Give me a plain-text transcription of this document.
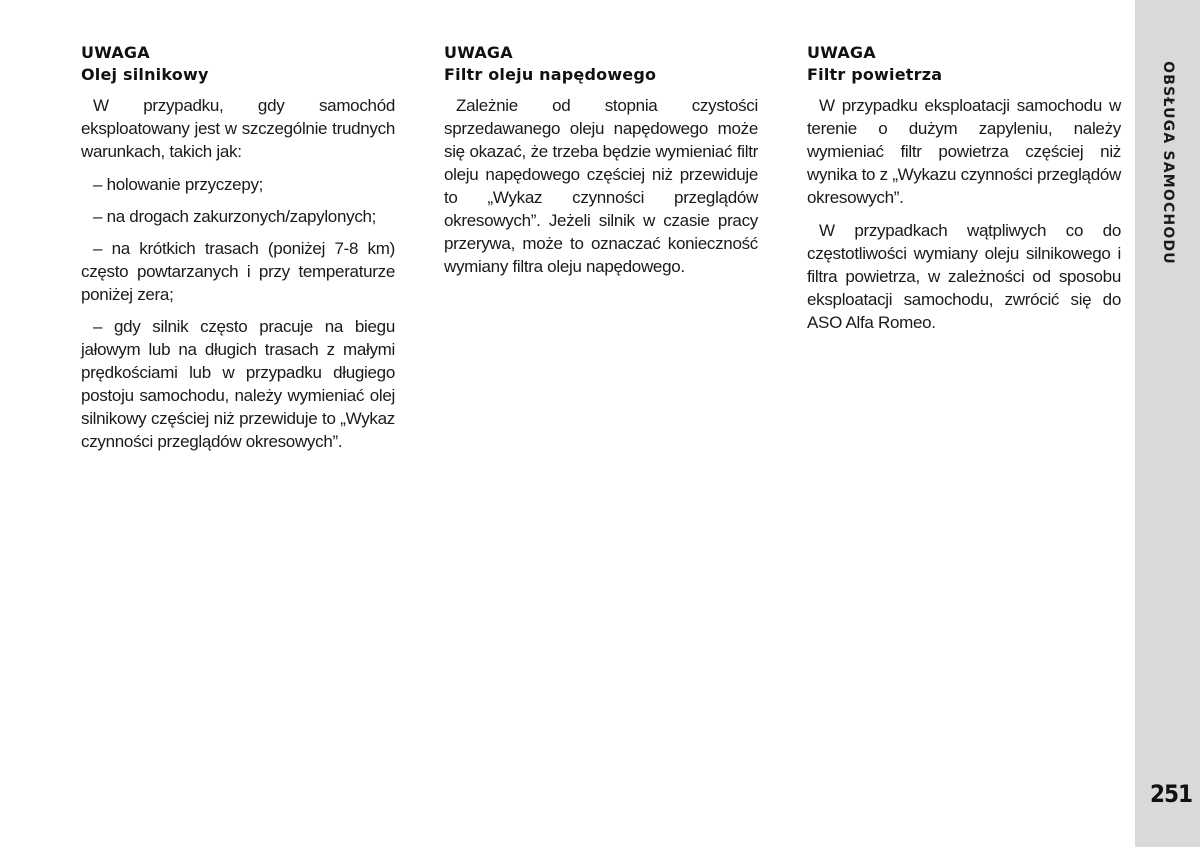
UWAGA
Olej silnikowy

W przypadku, gdy samochód eksploatowany jest w szczególnie trudnych warunkach, takich jak:

– holowanie przyczepy;

– na drogach zakurzonych/zapylonych;

– na krótkich trasach (poniżej 7-8 km) często powtarzanych i przy temperaturze poniżej zera;

– gdy silnik często pracuje na biegu jałowym lub na długich trasach z małymi prędkościami lub w przypadku długiego postoju samochodu, należy wymieniać olej silnikowy częściej niż przewiduje to „Wykaz czynności przeglądów okresowych”.

UWAGA
Filtr oleju napędowego

Zależnie od stopnia czystości sprzedawanego oleju napędowego może się okazać, że trzeba będzie wymieniać filtr oleju napędowego częściej niż przewiduje to „Wykaz czynności przeglądów okresowych”. Jeżeli silnik w czasie pracy przerywa, może to oznaczać konieczność wymiany filtra oleju napędowego.

UWAGA
Filtr powietrza

W przypadku eksploatacji samochodu w terenie o dużym zapyleniu, należy wymieniać filtr powietrza częściej niż wynika to z „Wykazu czynności przeglądów okresowych”.

W przypadkach wątpliwych co do częstotliwości wymiany oleju silnikowego i filtra powietrza, w zależności od sposobu eksploatacji samochodu, zwrócić się do ASO Alfa Romeo.

OBSŁUGA SAMOCHODU
251
